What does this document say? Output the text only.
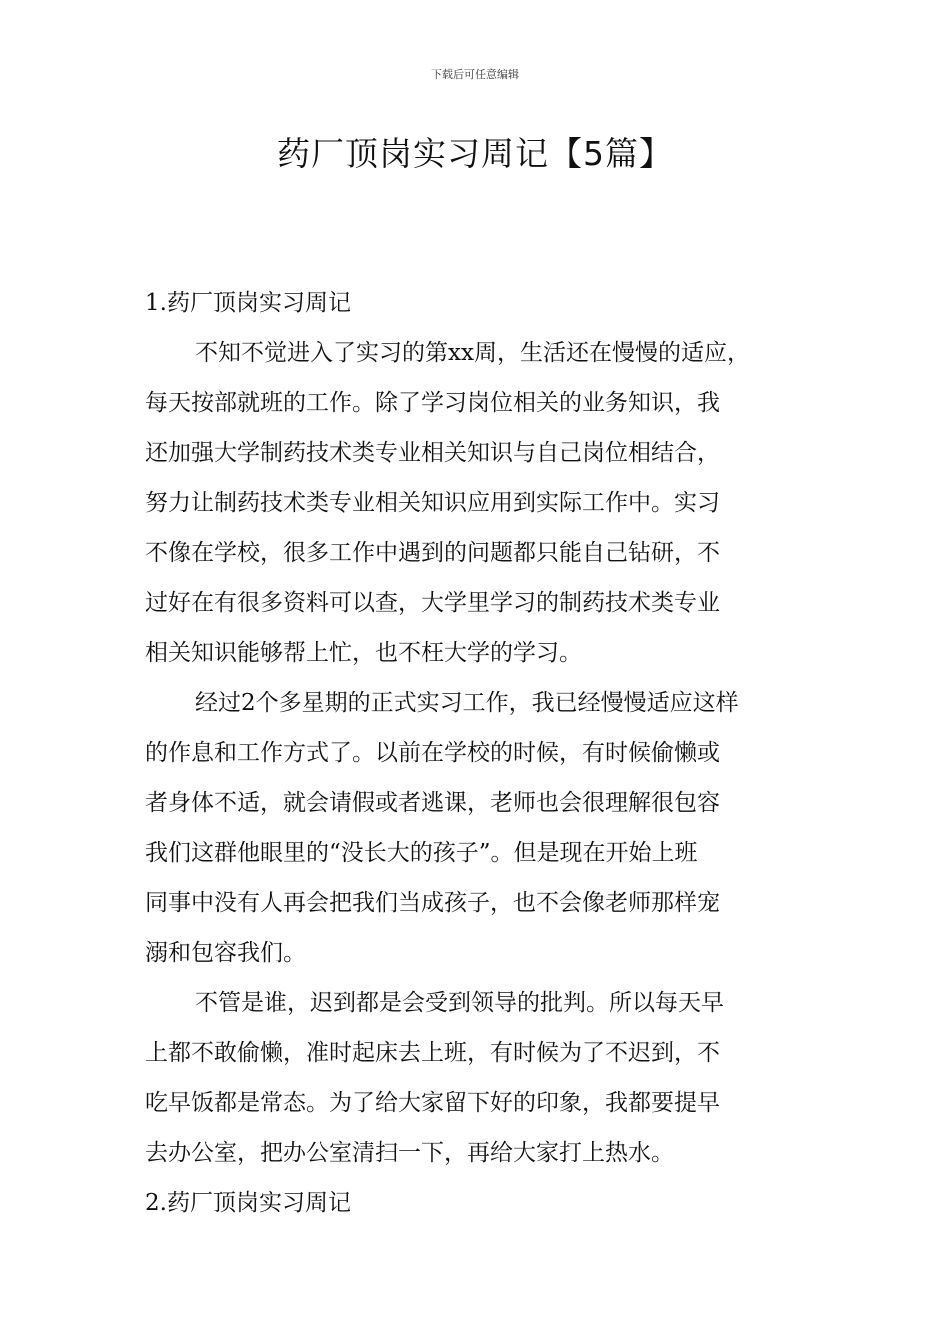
下载后可任意编辑
药厂顶岗实习周记【5篇】
1.药厂顶岗实习周记
不知不觉进入了实习的第xx周，生活还在慢慢的适应，
每天按部就班的工作。除了学习岗位相关的业务知识，我
还加强大学制药技术类专业相关知识与自己岗位相结合，
努力让制药技术类专业相关知识应用到实际工作中。实习
不像在学校，很多工作中遇到的问题都只能自己钻研，不
过好在有很多资料可以查，大学里学习的制药技术类专业
相关知识能够帮上忙，也不枉大学的学习。
经过2个多星期的正式实习工作，我已经慢慢适应这样
的作息和工作方式了。以前在学校的时候，有时候偷懒或
者身体不适，就会请假或者逃课，老师也会很理解很包容
我们这群他眼里的“没长大的孩子”。但是现在开始上班
同事中没有人再会把我们当成孩子，也不会像老师那样宠
溺和包容我们。
不管是谁，迟到都是会受到领导的批判。所以每天早
上都不敢偷懒，准时起床去上班，有时候为了不迟到，不
吃早饭都是常态。为了给大家留下好的印象，我都要提早
去办公室，把办公室清扫一下，再给大家打上热水。
2.药厂顶岗实习周记
